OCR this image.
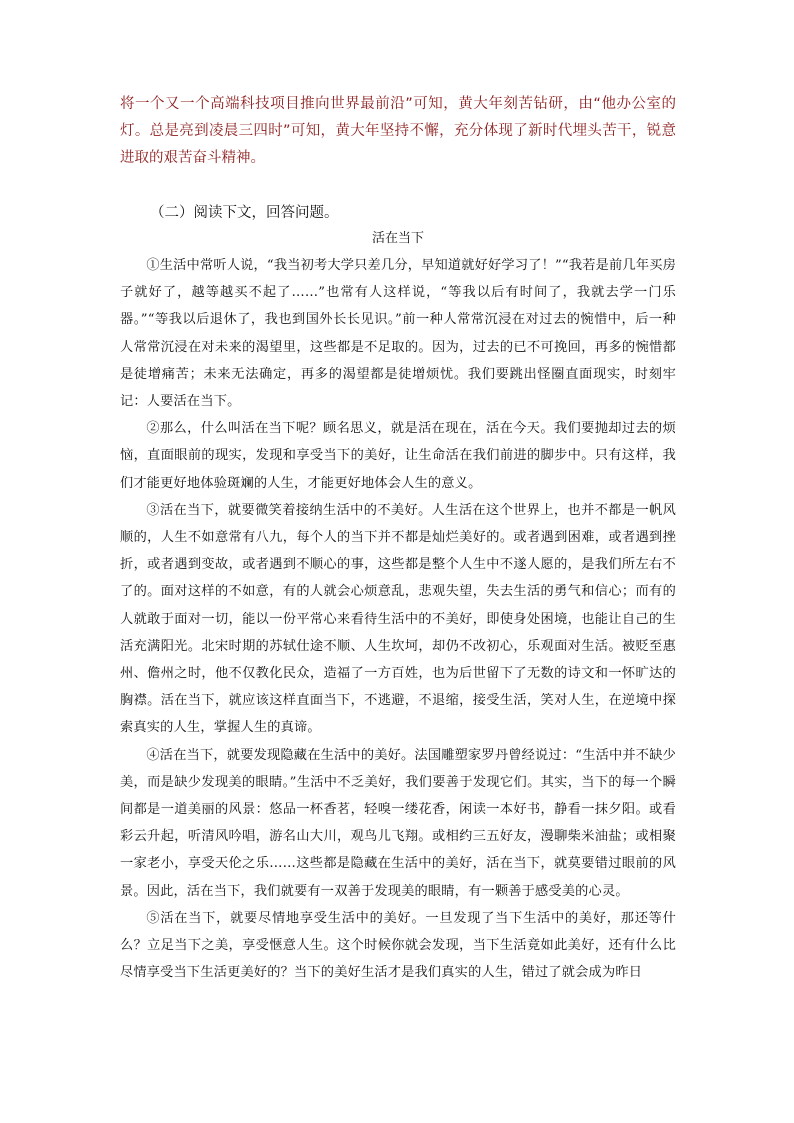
将一个又一个高端科技项目推向世界最前沿”可知，黄大年刻苦钻研，由“他办公室的灯。总是亮到凌晨三四时”可知，黄大年坚持不懈，充分体现了新时代埋头苦干，锐意进取的艰苦奋斗精神。

（二）阅读下文，回答问题。

活在当下

①生活中常听人说，“我当初考大学只差几分，早知道就好好学习了！”“我若是前几年买房子就好了，越等越买不起了……”也常有人这样说，“等我以后有时间了，我就去学一门乐器。”“等我以后退休了，我也到国外长长见识。”前一种人常常沉浸在对过去的惋惜中，后一种人常常沉浸在对未来的渴望里，这些都是不足取的。因为，过去的已不可挽回，再多的惋惜都是徒增痛苦；未来无法确定，再多的渴望都是徒增烦忧。我们要跳出怪圈直面现实，时刻牢记：人要活在当下。

②那么，什么叫活在当下呢？顾名思义，就是活在现在，活在今天。我们要抛却过去的烦恼，直面眼前的现实，发现和享受当下的美好，让生命活在我们前进的脚步中。只有这样，我们才能更好地体验斑斓的人生，才能更好地体会人生的意义。

③活在当下，就要微笑着接纳生活中的不美好。人生活在这个世界上，也并不都是一帆风顺的，人生不如意常有八九，每个人的当下并不都是灿烂美好的。或者遇到困难，或者遇到挫折，或者遇到变故，或者遇到不顺心的事，这些都是整个人生中不遂人愿的，是我们所左右不了的。面对这样的不如意，有的人就会心烦意乱，悲观失望，失去生活的勇气和信心；而有的人就敢于面对一切，能以一份平常心来看待生活中的不美好，即使身处困境，也能让自己的生活充满阳光。北宋时期的苏轼仕途不顺、人生坎坷，却仍不改初心，乐观面对生活。被贬至惠州、儋州之时，他不仅教化民众，造福了一方百姓，也为后世留下了无数的诗文和一怀旷达的胸襟。活在当下，就应该这样直面当下，不逃避，不退缩，接受生活，笑对人生，在逆境中探索真实的人生，掌握人生的真谛。

④活在当下，就要发现隐藏在生活中的美好。法国雕塑家罗丹曾经说过：“生活中并不缺少美，而是缺少发现美的眼睛。”生活中不乏美好，我们要善于发现它们。其实，当下的每一个瞬间都是一道美丽的风景：悠品一杯香茗，轻嗅一缕花香，闲读一本好书，静看一抹夕阳。或看彩云升起，听清风吟唱，游名山大川，观鸟儿飞翔。或相约三五好友，漫聊柴米油盐；或相聚一家老小，享受天伦之乐……这些都是隐藏在生活中的美好，活在当下，就莫要错过眼前的风景。因此，活在当下，我们就要有一双善于发现美的眼睛，有一颗善于感受美的心灵。

⑤活在当下，就要尽情地享受生活中的美好。一旦发现了当下生活中的美好，那还等什么？立足当下之美，享受惬意人生。这个时候你就会发现，当下生活竟如此美好，还有什么比尽情享受当下生活更美好的？当下的美好生活才是我们真实的人生，错过了就会成为昨日
